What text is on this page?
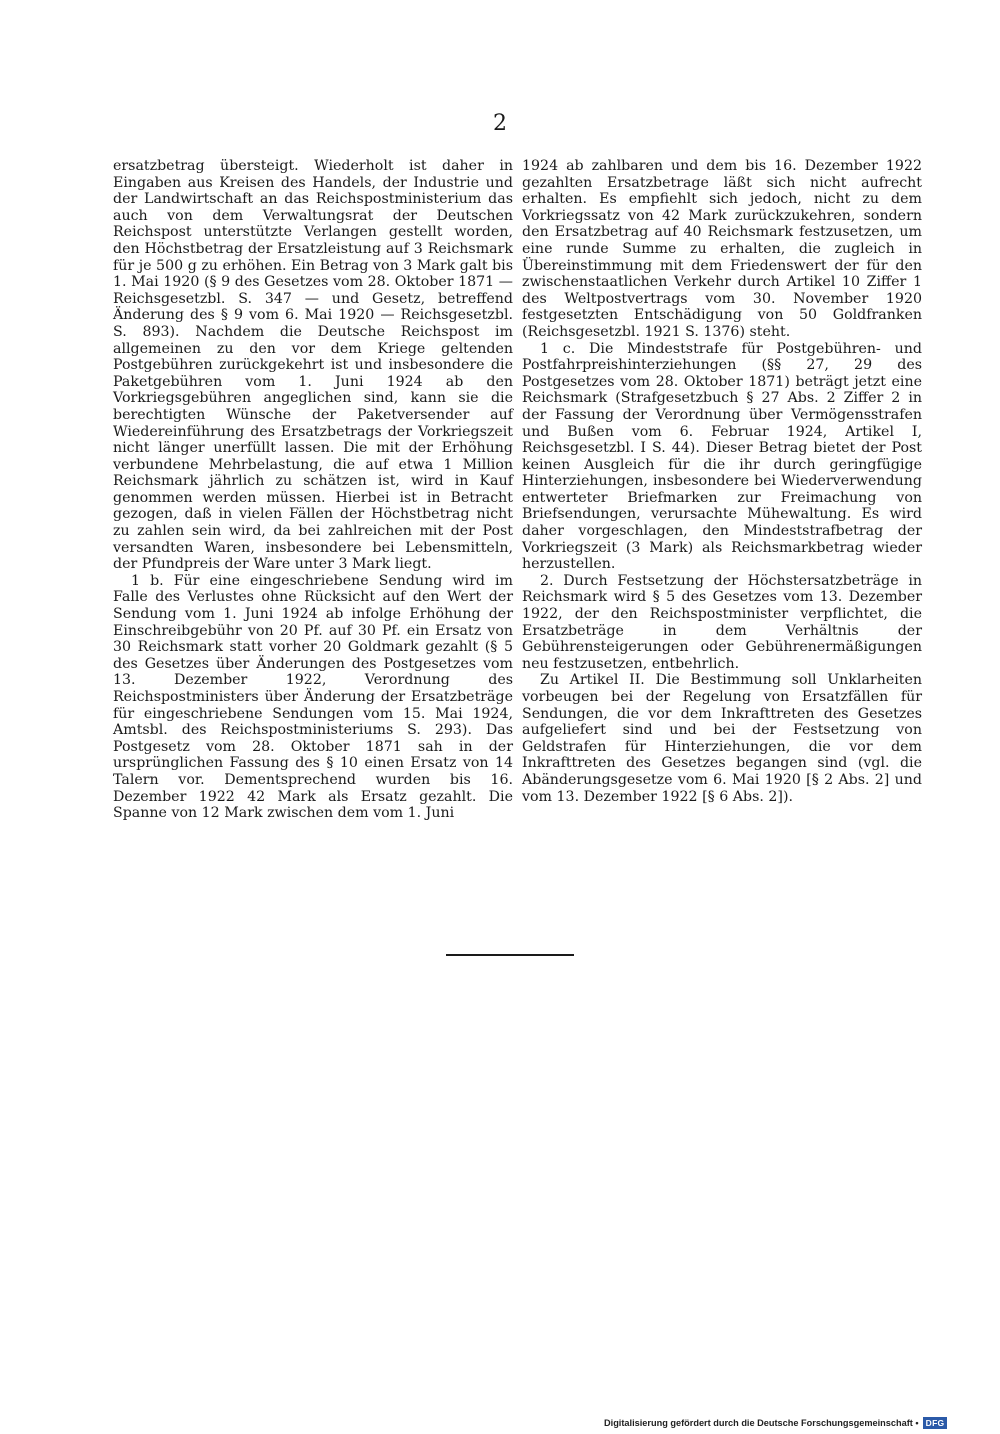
2

ersatzbetrag übersteigt. Wiederholt ist daher in Eingaben aus Kreisen des Handels, der Industrie und der Landwirtschaft an das Reichspostministerium das auch von dem Verwaltungsrat der Deutschen Reichspost unterstützte Verlangen gestellt worden, den Höchstbetrag der Ersatzleistung auf 3 Reichsmark für je 500 g zu erhöhen. Ein Betrag von 3 Mark galt bis 1. Mai 1920 (§ 9 des Gesetzes vom 28. Oktober 1871 — Reichsgesetzbl. S. 347 — und Gesetz, betreffend Änderung des § 9 vom 6. Mai 1920 — Reichsgesetzbl. S. 893). Nachdem die Deutsche Reichspost im allgemeinen zu den vor dem Kriege geltenden Postgebühren zurückgekehrt ist und insbesondere die Paketgebühren vom 1. Juni 1924 ab den Vorkriegsgebühren angeglichen sind, kann sie die berechtigten Wünsche der Paketversender auf Wiedereinführung des Ersatzbetrags der Vorkriegszeit nicht länger unerfüllt lassen. Die mit der Erhöhung verbundene Mehrbelastung, die auf etwa 1 Million Reichsmark jährlich zu schätzen ist, wird in Kauf genommen werden müssen. Hierbei ist in Betracht gezogen, daß in vielen Fällen der Höchstbetrag nicht zu zahlen sein wird, da bei zahlreichen mit der Post versandten Waren, insbesondere bei Lebensmitteln, der Pfundpreis der Ware unter 3 Mark liegt.

1 b. Für eine eingeschriebene Sendung wird im Falle des Verlustes ohne Rücksicht auf den Wert der Sendung vom 1. Juni 1924 ab infolge Erhöhung der Einschreibgebühr von 20 Pf. auf 30 Pf. ein Ersatz von 30 Reichsmark statt vorher 20 Goldmark gezahlt (§ 5 des Gesetzes über Änderungen des Postgesetzes vom 13. Dezember 1922, Verordnung des Reichspostministers über Änderung der Ersatzbeträge für eingeschriebene Sendungen vom 15. Mai 1924, Amtsbl. des Reichspostministeriums S. 293). Das Postgesetz vom 28. Oktober 1871 sah in der ursprünglichen Fassung des § 10 einen Ersatz von 14 Talern vor. Dementsprechend wurden bis 16. Dezember 1922 42 Mark als Ersatz gezahlt. Die Spanne von 12 Mark zwischen dem vom 1. Juni

1924 ab zahlbaren und dem bis 16. Dezember 1922 gezahlten Ersatzbetrage läßt sich nicht aufrecht erhalten. Es empfiehlt sich jedoch, nicht zu dem Vorkriegssatz von 42 Mark zurückzukehren, sondern den Ersatzbetrag auf 40 Reichsmark festzusetzen, um eine runde Summe zu erhalten, die zugleich in Übereinstimmung mit dem Friedenswert der für den zwischenstaatlichen Verkehr durch Artikel 10 Ziffer 1 des Weltpostvertrags vom 30. November 1920 festgesetzten Entschädigung von 50 Goldfranken (Reichsgesetzbl. 1921 S. 1376) steht.

1 c. Die Mindeststrafe für Postgebühren- und Postfahrpreishinterziehungen (§§ 27, 29 des Postgesetzes vom 28. Oktober 1871) beträgt jetzt eine Reichsmark (Strafgesetzbuch § 27 Abs. 2 Ziffer 2 in der Fassung der Verordnung über Vermögensstrafen und Bußen vom 6. Februar 1924, Artikel I, Reichsgesetzbl. I S. 44). Dieser Betrag bietet der Post keinen Ausgleich für die ihr durch geringfügige Hinterziehungen, insbesondere bei Wiederverwendung entwerteter Briefmarken zur Freimachung von Briefsendungen, verursachte Mühewaltung. Es wird daher vorgeschlagen, den Mindeststrafbetrag der Vorkriegszeit (3 Mark) als Reichsmarkbetrag wieder herzustellen.

2. Durch Festsetzung der Höchstersatzbeträge in Reichsmark wird § 5 des Gesetzes vom 13. Dezember 1922, der den Reichspostminister verpflichtet, die Ersatzbeträge in dem Verhältnis der Gebührensteigerungen oder Gebührenermäßigungen neu festzusetzen, entbehrlich.

Zu Artikel II. Die Bestimmung soll Unklarheiten vorbeugen bei der Regelung von Ersatzfällen für Sendungen, die vor dem Inkrafttreten des Gesetzes aufgeliefert sind und bei der Festsetzung von Geldstrafen für Hinterziehungen, die vor dem Inkrafttreten des Gesetzes begangen sind (vgl. die Abänderungsgesetze vom 6. Mai 1920 [§ 2 Abs. 2] und vom 13. Dezember 1922 [§ 6 Abs. 2]).

Digitalisierung gefördert durch die Deutsche Forschungsgemeinschaft • DFG
